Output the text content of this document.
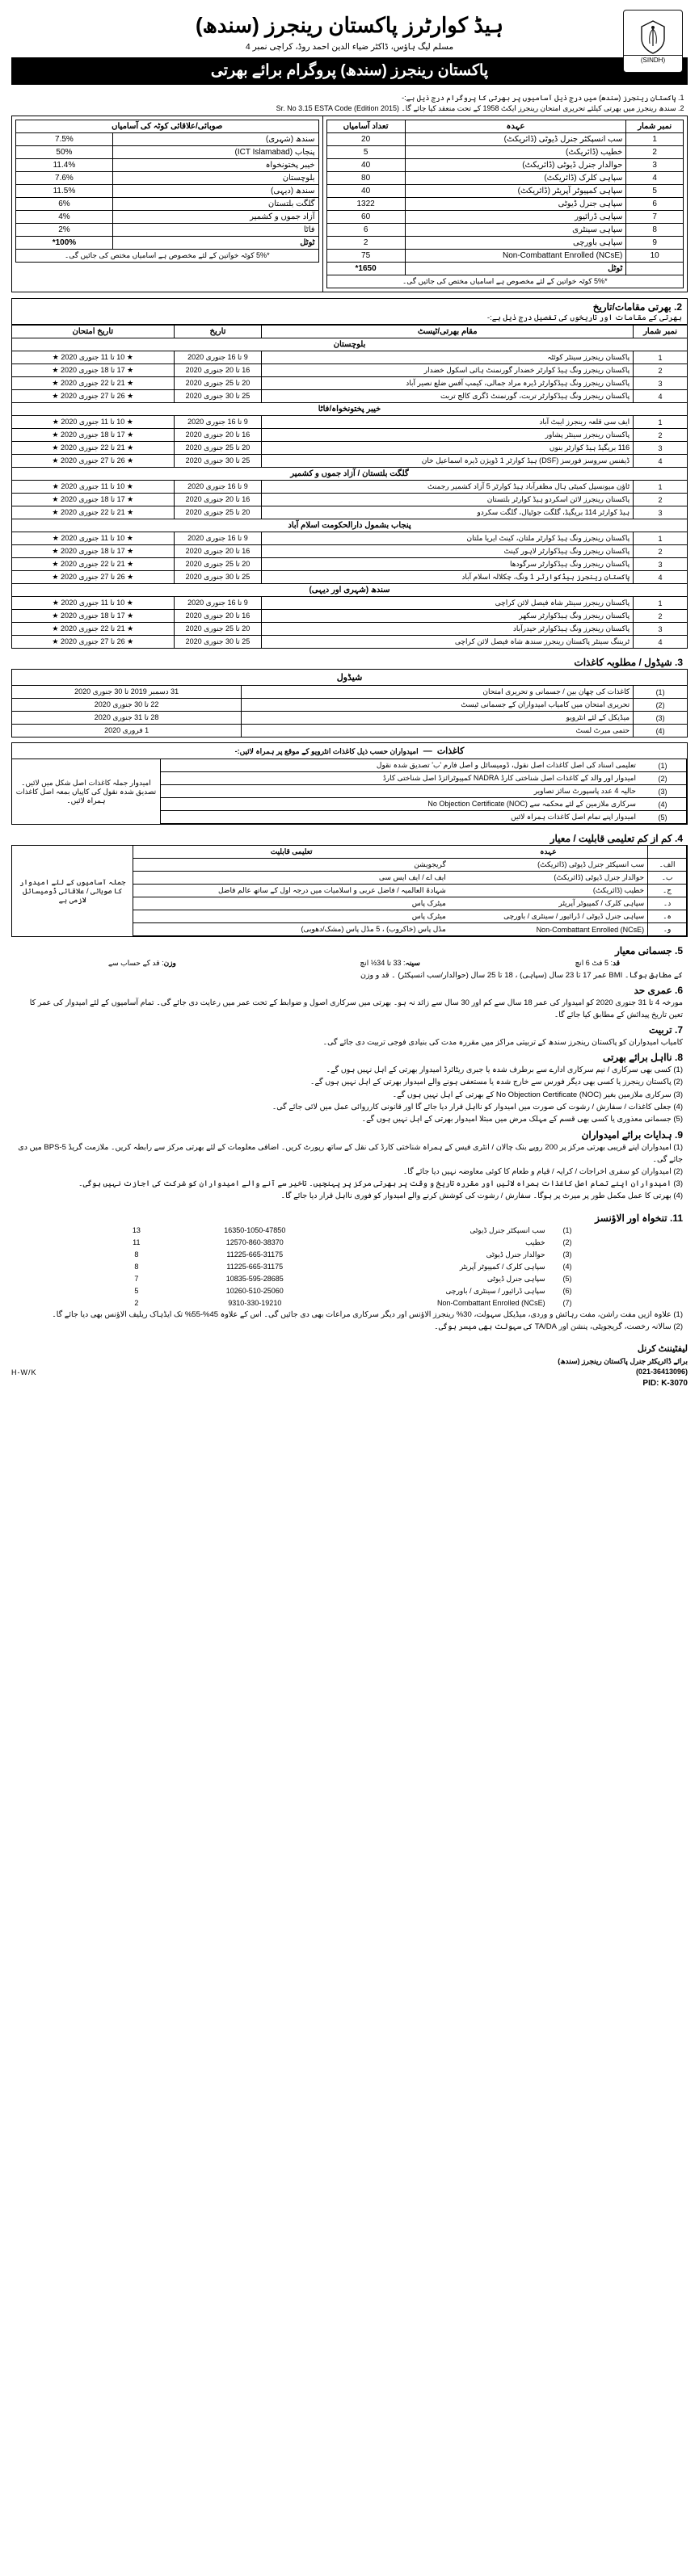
(SINDH)
ہیڈ کوارٹرز پاکستان رینجرز (سندھ)
مسلم لیگ ہاؤس، ڈاکٹر ضیاء الدین احمد روڈ، کراچی نمبر 4
پاکستان رینجرز (سندھ) پروگرام برائے بھرتی
1. پاکستان رینجرز (سندھ) میں درج ذیل آسامیوں پر بھرتی کا پروگرام درج ذیل ہے:-
2. سندھ رینجرز میں بھرتی کیلئے تحریری امتحان رینجرز ایکٹ 1958 کے تحت منعقد کیا جائے گا۔ Sr. No 3.15 ESTA Code (Edition 2015)

صوبائی/علاقائی کوٹہ کی آسامیاں
7.5%	سندھ (شہری)
50%	پنجاب (ICT Islamabad)
11.4%	خیبر پختونخواہ
7.6%	بلوچستان
11.5%	سندھ (دیہی)
6%	گلگت بلتستان
4%	آزاد جموں و کشمیر
2%	فاٹا
*100%	ٹوٹل
*5% کوٹہ خواتین کے لئے مخصوص ہے اسامیاں مختص کی جائیں گی۔

تعداد آسامیاں	عہدہ	نمبر شمار
20	سب انسپکٹر جنرل ڈیوٹی (ڈائریکٹ)	1
5	خطیب (ڈائریکٹ)	2
40	حوالدار جنرل ڈیوٹی (ڈائریکٹ)	3
80	سپاہی کلرک (ڈائریکٹ)	4
40	سپاہی کمپیوٹر آپریٹر (ڈائریکٹ)	5
1322	سپاہی جنرل ڈیوٹی	6
60	سپاہی ڈرائیور	7
6	سپاہی سینٹری	8
2	سپاہی باورچی	9
75	Non-Combattant Enrolled (NCsE)	10
*1650	ٹوٹل	
*5% کوٹہ خواتین کے لئے مخصوص ہے اسامیاں مختص کی جائیں گی۔
2. بھرتی مقامات/تاریخ
بھرتی کے مقامات اور تاریخوں کی تفصیل درج ذیل ہے:-
تاریخ امتحان	تاریخ	مقام بھرتی/ٹیسٹ	نمبر شمار
بلوچستان			
★ 10 تا 11 جنوری 2020 ★	9 تا 16 جنوری 2020	پاکستان رینجرز سینٹر کوئٹہ	1
★ 17 تا 18 جنوری 2020 ★	16 تا 20 جنوری 2020	پاکستان رینجرز ونگ ہیڈ کوارٹر خضدار گورنمنٹ ہائی اسکول خضدار	2
★ 21 تا 22 جنوری 2020 ★	20 تا 25 جنوری 2020	پاکستان رینجرز ونگ ہیڈکوارٹر ڈیرہ مراد جمالی، کیمپ آفس ضلع نصیر آباد	3
★ 26 تا 27 جنوری 2020 ★	25 تا 30 جنوری 2020	پاکستان رینجرز ونگ ہیڈکوارٹر تربت، گورنمنٹ ڈگری کالج تربت	4
خیبر پختونخواہ/فاٹا			
★ 10 تا 11 جنوری 2020 ★	9 تا 16 جنوری 2020	ایف سی قلعہ رینجرز ایبٹ آباد	1
★ 17 تا 18 جنوری 2020 ★	16 تا 20 جنوری 2020	پاکستان رینجرز سینٹر پشاور	2
★ 21 تا 22 جنوری 2020 ★	20 تا 25 جنوری 2020	116 بریگیڈ ہیڈ کوارٹر بنوں	3
★ 26 تا 27 جنوری 2020 ★	25 تا 30 جنوری 2020	ڈیفنس سروسز فورسز (DSF) ہیڈ کوارٹر 1 ڈویژن ڈیرہ اسماعیل خان	4
گلگت بلتستان / آزاد جموں و کشمیر			
★ 10 تا 11 جنوری 2020 ★	9 تا 16 جنوری 2020	ٹاؤن میونسپل کمیٹی ہال مظفرآباد ہیڈ کوارٹر 5 آزاد کشمیر رجمنٹ	1
★ 17 تا 18 جنوری 2020 ★	16 تا 20 جنوری 2020	پاکستان رینجرز لائن اسکردو ہیڈ کوارٹر بلتستان	2
★ 21 تا 22 جنوری 2020 ★	20 تا 25 جنوری 2020	ہیڈ کوارٹر 114 بریگیڈ، گلگت جوٹیال، گلگت سکردو	3
پنجاب بشمول دارالحکومت اسلام آباد			
★ 10 تا 11 جنوری 2020 ★	9 تا 16 جنوری 2020	پاکستان رینجرز ونگ ہیڈ کوارٹر ملتان، کینٹ ایریا ملتان	1
★ 17 تا 18 جنوری 2020 ★	16 تا 20 جنوری 2020	پاکستان رینجرز ونگ ہیڈکوارٹر لاہور کینٹ	2
★ 21 تا 22 جنوری 2020 ★	20 تا 25 جنوری 2020	پاکستان رینجرز ونگ ہیڈکوارٹر سرگودھا	3
★ 26 تا 27 جنوری 2020 ★	25 تا 30 جنوری 2020	پاکستان رینجرز ہیڈکوارٹر 1 ونگ، چکلالہ اسلام آباد	4
سندھ (شہری اور دیہی)			
★ 10 تا 11 جنوری 2020 ★	9 تا 16 جنوری 2020	پاکستان رینجرز سینٹر شاہ فیصل لائن کراچی	1
★ 17 تا 18 جنوری 2020 ★	16 تا 20 جنوری 2020	پاکستان رینجرز ونگ ہیڈکوارٹر سکھر	2
★ 21 تا 22 جنوری 2020 ★	20 تا 25 جنوری 2020	پاکستان رینجرز ونگ ہیڈکوارٹر حیدرآباد	3
★ 26 تا 27 جنوری 2020 ★	25 تا 30 جنوری 2020	ٹریننگ سینٹر پاکستان رینجرز سندھ شاہ فیصل لائن کراچی	4
3. شیڈول / مطلوبہ کاغذات
شیڈول		
31 دسمبر 2019 تا 30 جنوری 2020	کاغذات کی چھان بین / جسمانی و تحریری امتحان	(1)
22 تا 30 جنوری 2020	تحریری امتحان میں کامیاب امیدواران کے جسمانی ٹیسٹ	(2)
28 تا 31 جنوری 2020	میڈیکل کے لئے انٹرویو	(3)
1 فروری 2020	حتمی میرٹ لسٹ	(4)
کاغذات  —  امیدواران حسب ذیل کاغذات انٹرویو کے موقع پر ہمراہ لائیں:-
امیدوار جملہ کاغذات اصل شکل میں لائیں۔ تصدیق شدہ نقول کی کاپیاں بمعہ اصل کاغذات ہمراہ لائیں۔	
تعلیمی اسناد کی اصل کاغذات اصل نقول، ڈومیسائل و اصل فارم 'ب' تصدیق شدہ نقول	(1)
امیدوار اور والد کے کاغذات اصل شناختی کارڈ NADRA کمپیوٹرائزڈ اصل شناختی کارڈ	(2)
حالیہ 4 عدد پاسپورٹ سائز تصاویر	(3)
سرکاری ملازمین کے لئے محکمہ سے No Objection Certificate (NOC)	(4)
امیدوار اپنے تمام اصل کاغذات ہمراہ لائیں	(5)
4. کم از کم تعلیمی قابلیت / معیار
جملہ آسامیوں کے لئے امیدوار کا صوبائی / علاقائی ڈومیسائل لازمی ہے	
تعلیمی قابلیت	عہدہ	
گریجویشن	سب انسپکٹر جنرل ڈیوٹی (ڈائریکٹ)	الف۔
ایف اے / ایف ایس سی	حوالدار جنرل ڈیوٹی (ڈائریکٹ)	ب۔
شہادۃ العالمیہ / فاضل عربی و اسلامیات میں درجہ اول کے ساتھ عالم فاضل	خطیب (ڈائریکٹ)	ج۔
میٹرک پاس	سپاہی کلرک / کمپیوٹر آپریٹر	د۔
میٹرک پاس	سپاہی جنرل ڈیوٹی / ڈرائیور / سینٹری / باورچی	ہ۔
مڈل پاس (خاکروب) ، 5 مڈل پاس (مشک/دھوبی)	Non-Combattant Enrolled (NCsE)	و۔
5. جسمانی معیار
وزن: قد کے حساب سے	سینہ: 33 تا 34½ انچ	قد: 5 فٹ 6 انچ
عمر 17 تا 23 سال (سپاہی) ، 18 تا 25 سال (حوالدار/سب انسپکٹر) ۔ قد و وزن BMI کے مطابق ہوگا۔
6. عمری حد
مورخہ 4 تا 31 جنوری 2020 کو امیدوار کی عمر 18 سال سے کم اور 30 سال سے زائد نہ ہو۔ بھرتی میں سرکاری اصول و ضوابط کے تحت عمر میں رعایت دی جائے گی۔ تمام آسامیوں کے لئے امیدوار کی عمر کا تعین تاریخ پیدائش کے مطابق کیا جائے گا۔
7. تربیت
کامیاب امیدواران کو پاکستان رینجرز سندھ کے تربیتی مراکز میں مقررہ مدت کی بنیادی فوجی تربیت دی جائے گی۔
8. نااہل برائے بھرتی
(1) کسی بھی سرکاری / نیم سرکاری ادارے سے برطرف شدہ یا جبری ریٹائرڈ امیدوار بھرتی کے اہل نہیں ہوں گے۔
(2) پاکستان رینجرز یا کسی بھی دیگر فورس سے خارج شدہ یا مستعفی ہونے والے امیدوار بھرتی کے اہل نہیں ہوں گے۔
(3) سرکاری ملازمین بغیر No Objection Certificate (NOC) کے بھرتی کے اہل نہیں ہوں گے۔
(4) جعلی کاغذات / سفارش / رشوت کی صورت میں امیدوار کو نااہل قرار دیا جائے گا اور قانونی کارروائی عمل میں لائی جائے گی۔
(5) جسمانی معذوری یا کسی بھی قسم کے مہلک مرض میں مبتلا امیدوار بھرتی کے اہل نہیں ہوں گے۔
9. ہدایات برائے امیدواران
(1) امیدواران اپنے قریبی بھرتی مرکز پر 200 روپے بنک چالان / انٹری فیس کے ہمراہ شناختی کارڈ کی نقل کے ساتھ رپورٹ کریں۔ اضافی معلومات کے لئے بھرتی مرکز سے رابطہ کریں۔ ملازمت گریڈ BPS-5 میں دی جائے گی۔
(2) امیدواران کو سفری اخراجات / کرایہ / قیام و طعام کا کوئی معاوضہ نہیں دیا جائے گا۔
(3) امیدواران اپنے تمام اصل کاغذات ہمراہ لائیں اور مقررہ تاریخ و وقت پر بھرتی مرکز پر پہنچیں۔ تاخیر سے آنے والے امیدواران کو شرکت کی اجازت نہیں ہوگی۔
(4) بھرتی کا عمل مکمل طور پر میرٹ پر ہوگا۔ سفارش / رشوت کی کوشش کرنے والے امیدوار کو فوری نااہل قرار دیا جائے گا۔
11. تنخواہ اور الاؤنسز
13	16350-1050-47850	سب انسپکٹر جنرل ڈیوٹی	(1)
11	12570-860-38370	خطیب	(2)
8	11225-665-31175	حوالدار جنرل ڈیوٹی	(3)
8	11225-665-31175	سپاہی کلرک / کمپیوٹر آپریٹر	(4)
7	10835-595-28685	سپاہی جنرل ڈیوٹی	(5)
5	10260-510-25060	سپاہی ڈرائیور / سینٹری / باورچی	(6)
2	9310-330-19210	Non-Combattant Enrolled (NCsE)	(7)
(1) علاوہ ازیں مفت راشن، مفت رہائش و وردی، میڈیکل سہولت، 30% رینجرز الاؤنس اور دیگر سرکاری مراعات بھی دی جائیں گی۔ اس کے علاوہ 45%-55% تک ایڈہاک ریلیف الاؤنس بھی دیا جائے گا۔
(2) سالانہ رخصت، گریجویٹی، پنشن اور TA/DA کی سہولت بھی میسر ہوگی۔
لیفٹیننٹ کرنل
برائے ڈائریکٹر جنرل پاکستان رینجرز (سندھ)
(021-36413096)
H-W/K
PID: K-3070
